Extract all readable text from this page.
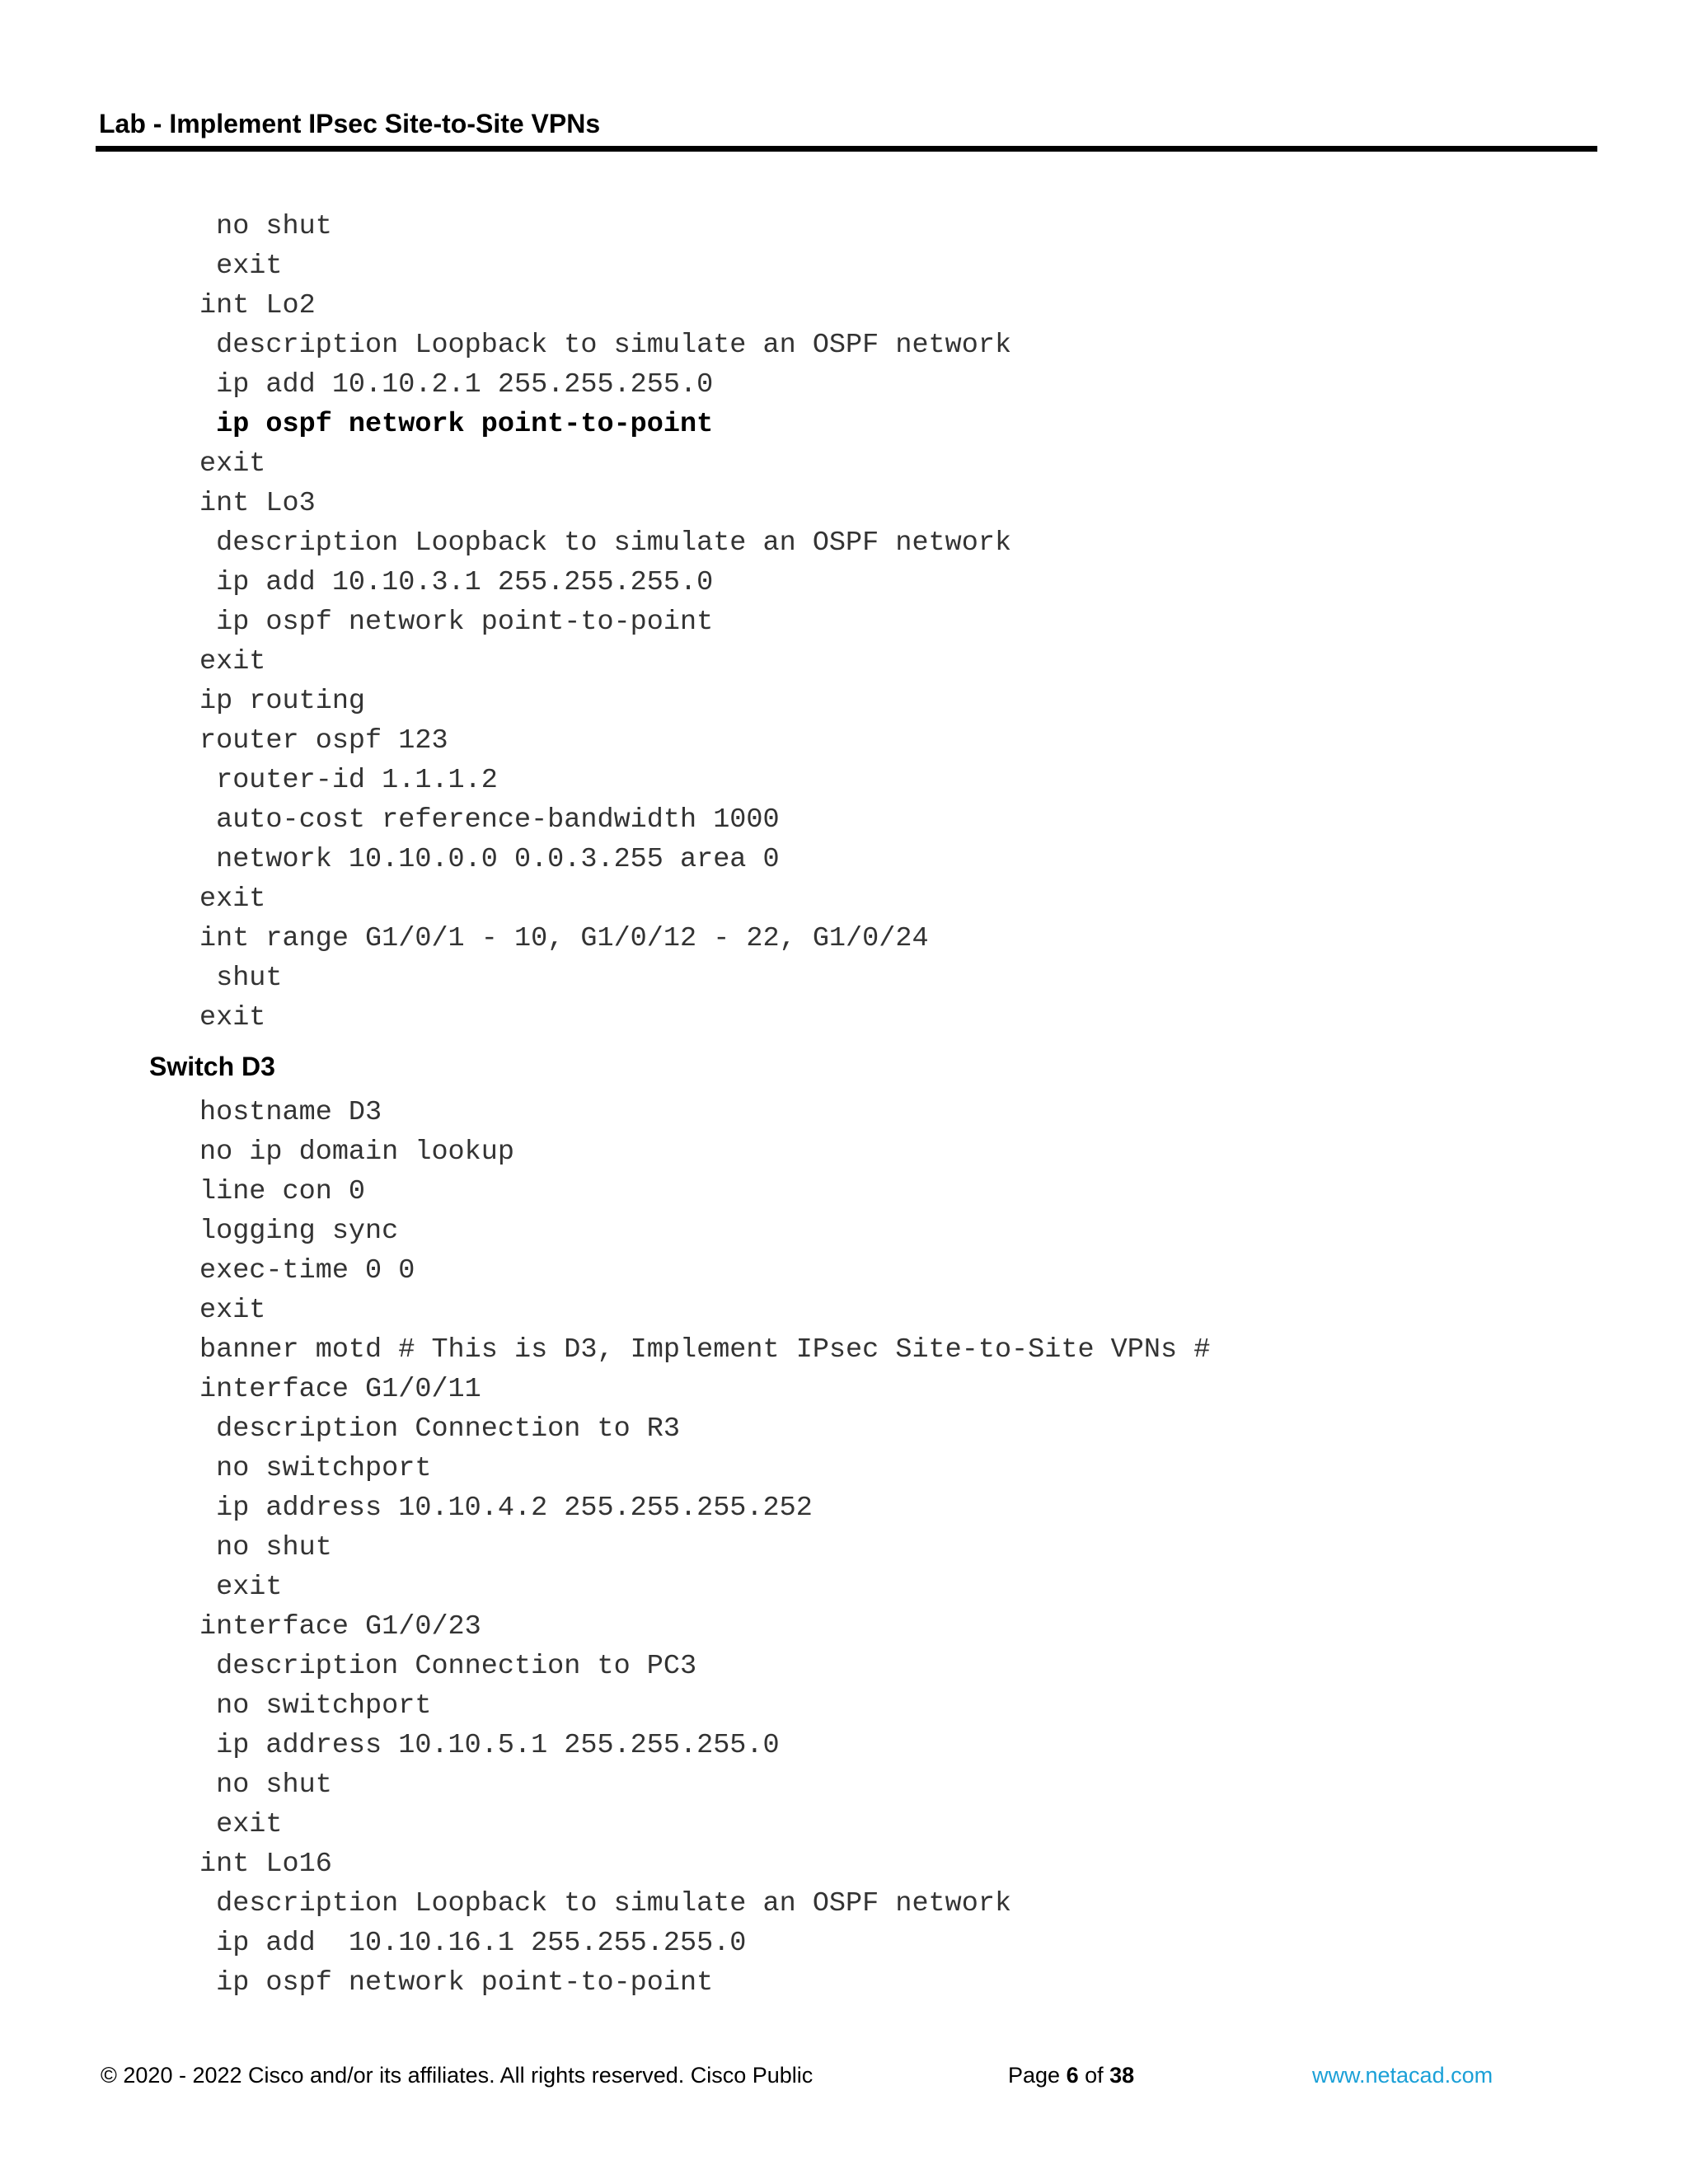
Lab - Implement IPsec Site-to-Site VPNs
no shut
exit
int Lo2
description Loopback to simulate an OSPF network
ip add 10.10.2.1 255.255.255.0
ip ospf network point-to-point
exit
int Lo3
description Loopback to simulate an OSPF network
ip add 10.10.3.1 255.255.255.0
ip ospf network point-to-point
exit
ip routing
router ospf 123
router-id 1.1.1.2
auto-cost reference-bandwidth 1000
network 10.10.0.0 0.0.3.255 area 0
exit
int range G1/0/1 - 10, G1/0/12 - 22, G1/0/24
shut
exit
Switch D3
hostname D3
no ip domain lookup
line con 0
logging sync
exec-time 0 0
exit
banner motd # This is D3, Implement IPsec Site-to-Site VPNs #
interface G1/0/11
description Connection to R3
no switchport
ip address 10.10.4.2 255.255.255.252
no shut
exit
interface G1/0/23
description Connection to PC3
no switchport
ip address 10.10.5.1 255.255.255.0
no shut
exit
int Lo16
description Loopback to simulate an OSPF network
ip add  10.10.16.1 255.255.255.0
ip ospf network point-to-point
© 2020 - 2022 Cisco and/or its affiliates. All rights reserved. Cisco Public	Page 6 of 38	www.netacad.com
